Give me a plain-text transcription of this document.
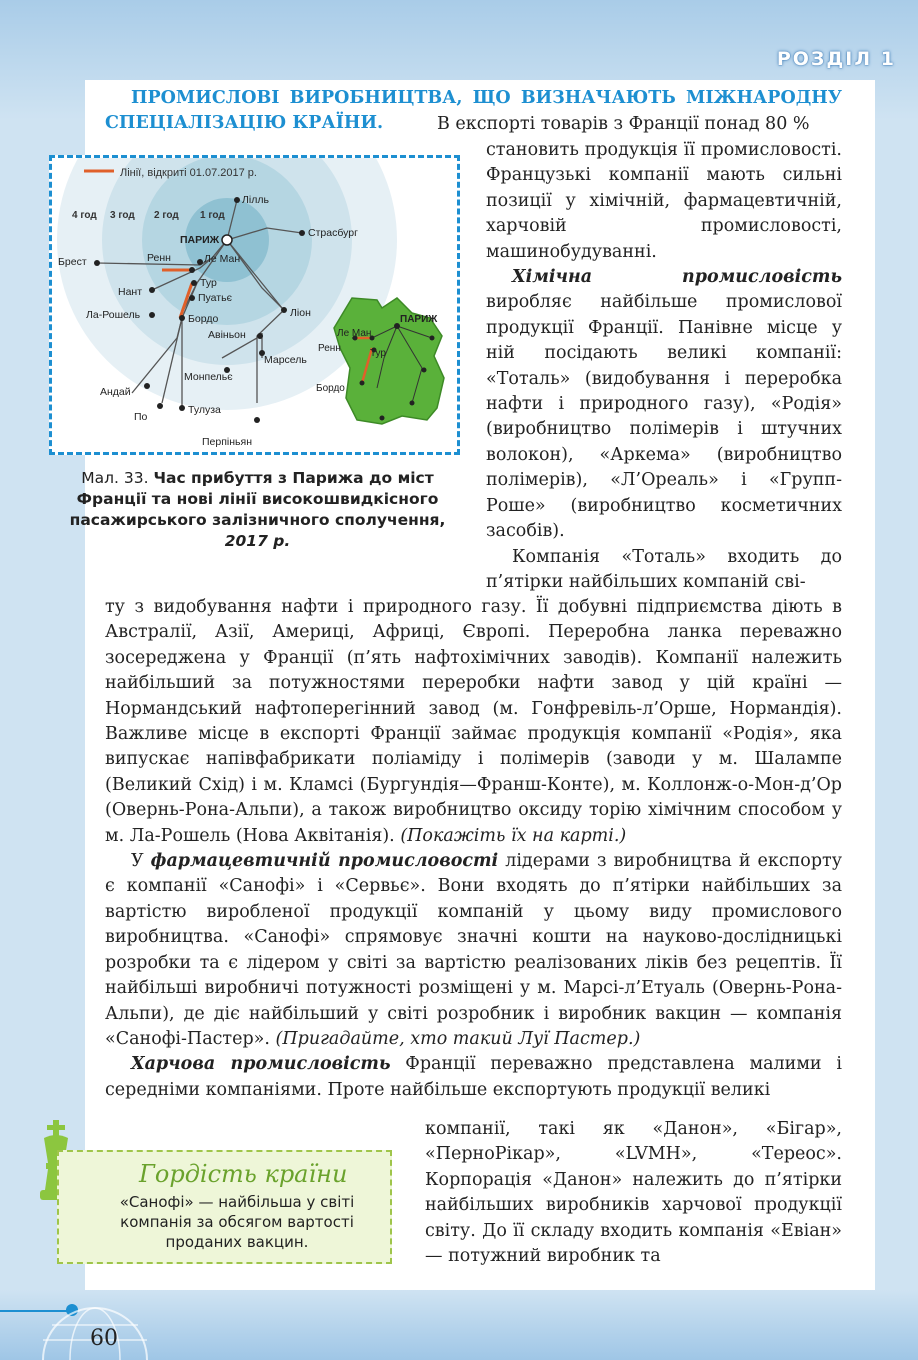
РОЗДІЛ 1
ПРОМИСЛОВІ ВИРОБНИЦТВА, ЩО ВИЗНАЧАЮТЬ МІЖНАРОДНУ СПЕЦІАЛІЗАЦІЮ КРАЇНИ.	В експорті товарів з Франції понад 80 %

становить продукція її промисловості. Французькі компанії мають сильні позиції у хімічній, фармацевтичній, харчовій промисловості, машинобудуванні.

Хімічна промисловість виробляє найбільше промислової продукції Франції. Панівне місце у ній посідають великі компанії: «Тоталь» (видобування і переробка нафти і природного газу), «Родія» (виробництво полімерів і штучних волокон), «Аркема» (виробництво полімерів), «Л’Ореаль» і «Групп-Роше» (виробництво косметичних засобів).

Компанія «Тоталь» входить до п’ятірки найбільших компаній сві-

Лінії, відкриті 01.07.2017 р.
4 год 3 год 2 год 1 год
Лілль
ПАРИЖ
Страсбург
Брест	Ренн	Ле Ман
Нант
Тур
Пуатьє
Ла-Рошель	Бордо	Ліон
Авіньон
Марсель
Монпельє
Андай
По
Тулуза
Перпіньян
ПАРИЖ
Ле Ман
Ренн	Тур
Бордо
Мал. 33. Час прибуття з Парижа до міст Франції та нові лінії високошвидкісного пасажирського залізничного сполучення, 2017 р.

ту з видобування нафти і природного газу. Її добувні підприємства діють в Австралії, Азії, Америці, Африці, Європі. Переробна ланка переважно зосереджена у Франції (п’ять нафтохімічних заводів). Компанії належить найбільший за потужностями переробки нафти завод у цій країні — Нормандський нафтоперегінний завод (м. Гонфревіль-л’Орше, Нормандія). Важливе місце в експорті Франції займає продукція компанії «Родія», яка випускає напівфабрикати поліаміду і полімерів (заводи у м. Шалампе (Великий Схід) і м. Кламсі (Бургундія—Франш-Конте), м. Коллонж-о-Мон-д’Ор (Овернь-Рона-Альпи), а також виробництво оксиду торію хімічним способом у м. Ла-Рошель (Нова Аквітанія). (Покажіть їх на карті.)

У фармацевтичній промисловості лідерами з виробництва й експорту є компанії «Санофі» і «Сервьє». Вони входять до п’ятірки найбільших за вартістю виробленої продукції компаній у цьому виду промислового виробництва. «Санофі» спрямовує значні кошти на науково-дослідницькі розробки та є лідером у світі за вартістю реалізованих ліків без рецептів. Її найбільші виробничі потужності розміщені у м. Марсі-л’Етуаль (Овернь-Рона-Альпи), де діє найбільший у світі розробник і виробник вакцин — компанія «Санофі-Пастер». (Пригадайте, хто такий Луї Пастер.)

Харчова промисловість Франції переважно представлена малими і середніми компаніями. Проте найбільше експортують продукції великі

компанії, такі як «Данон», «Бігар», «ПерноРікар», «LVMH», «Тереос». Корпорація «Данон» належить до п’ятірки найбільших виробників харчової продукції світу. До її складу входить компанія «Евіан» — потужний виробник та

Гордість країни
«Санофі» — найбільша у світі компанія за обсягом вартості проданих вакцин.
60
